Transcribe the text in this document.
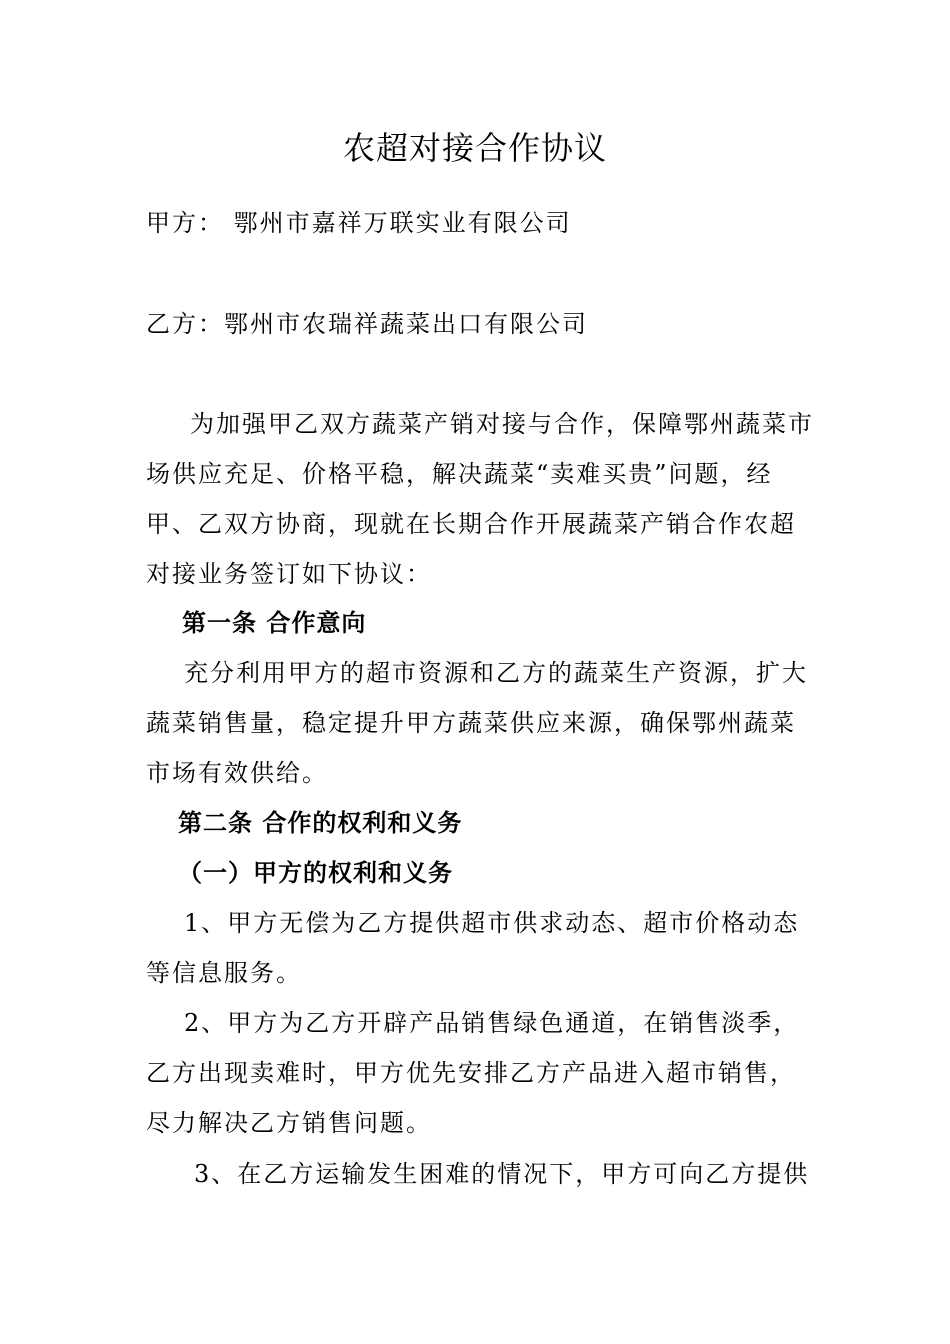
农超对接合作协议
甲方： 鄂州市嘉祥万联实业有限公司
乙方：鄂州市农瑞祥蔬菜出口有限公司
为加强甲乙双方蔬菜产销对接与合作，保障鄂州蔬菜市
场供应充足、价格平稳，解决蔬菜“卖难买贵”问题，经
甲、乙双方协商，现就在长期合作开展蔬菜产销合作农超
对接业务签订如下协议：
第一条 合作意向
充分利用甲方的超市资源和乙方的蔬菜生产资源，扩大
蔬菜销售量，稳定提升甲方蔬菜供应来源，确保鄂州蔬菜
市场有效供给。
第二条 合作的权利和义务
（一）甲方的权利和义务
1、甲方无偿为乙方提供超市供求动态、超市价格动态
等信息服务。
2、甲方为乙方开辟产品销售绿色通道，在销售淡季，
乙方出现卖难时，甲方优先安排乙方产品进入超市销售，
尽力解决乙方销售问题。
3、在乙方运输发生困难的情况下，甲方可向乙方提供
